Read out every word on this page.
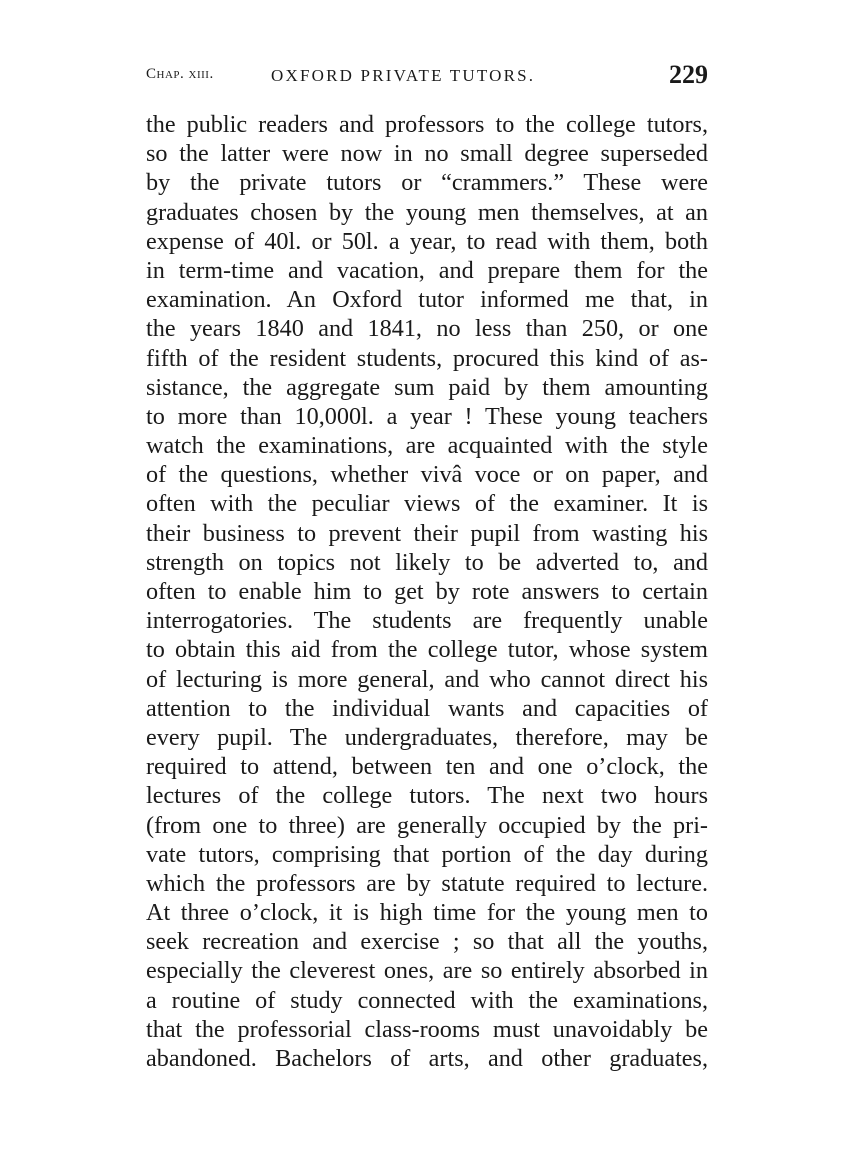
Chap. xiii.	OXFORD PRIVATE TUTORS.	229
the public readers and professors to the college tutors,
so the latter were now in no small degree superseded
by the private tutors or “crammers.” These were
graduates chosen by the young men themselves, at an
expense of 40l. or 50l. a year, to read with them, both
in term-time and vacation, and prepare them for the
examination. An Oxford tutor informed me that, in
the years 1840 and 1841, no less than 250, or one
fifth of the resident students, procured this kind of as-
sistance, the aggregate sum paid by them amounting
to more than 10,000l. a year ! These young teachers
watch the examinations, are acquainted with the style
of the questions, whether vivâ voce or on paper, and
often with the peculiar views of the examiner. It is
their business to prevent their pupil from wasting his
strength on topics not likely to be adverted to, and
often to enable him to get by rote answers to certain
interrogatories. The students are frequently unable
to obtain this aid from the college tutor, whose system
of lecturing is more general, and who cannot direct his
attention to the individual wants and capacities of
every pupil. The undergraduates, therefore, may be
required to attend, between ten and one o’clock, the
lectures of the college tutors. The next two hours
(from one to three) are generally occupied by the pri-
vate tutors, comprising that portion of the day during
which the professors are by statute required to lecture.
At three o’clock, it is high time for the young men to
seek recreation and exercise ; so that all the youths,
especially the cleverest ones, are so entirely absorbed in
a routine of study connected with the examinations,
that the professorial class-rooms must unavoidably be
abandoned. Bachelors of arts, and other graduates,
